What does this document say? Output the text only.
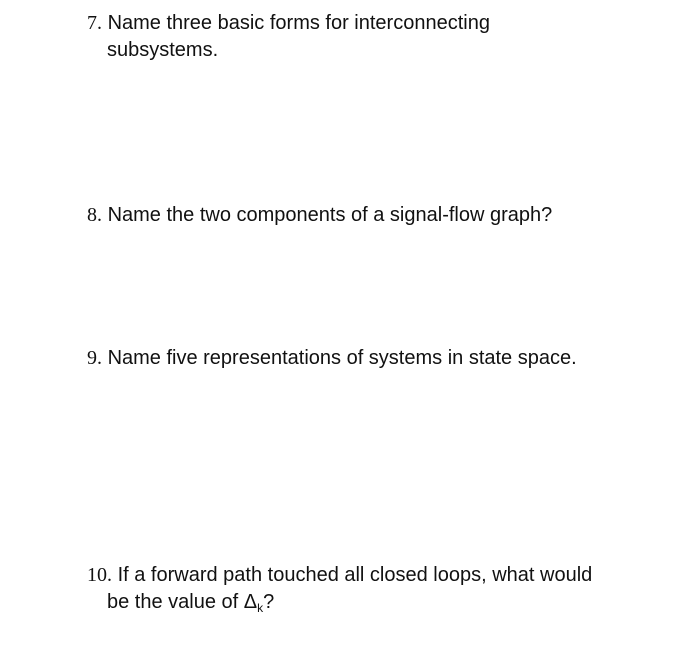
7. Name three basic forms for interconnecting
subsystems.
8. Name the two components of a signal-flow graph?
9. Name five representations of systems in state space.
10. If a forward path touched all closed loops, what would
be the value of $\Delta_k$?
